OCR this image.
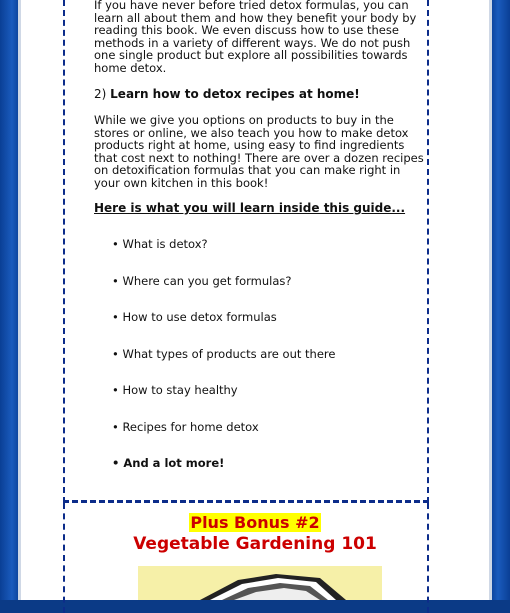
If you have never before tried detox formulas, you can learn all about them and how they benefit your body by reading this book. We even discuss how to use these methods in a variety of different ways. We do not push one single product but explore all possibilities towards home detox.
2) Learn how to detox recipes at home!
While we give you options on products to buy in the stores or online, we also teach you how to make detox products right at home, using easy to find ingredients that cost next to nothing! There are over a dozen recipes on detoxification formulas that you can make right in your own kitchen in this book!
Here is what you will learn inside this guide...
• What is detox?
• Where can you get formulas?
• How to use detox formulas
• What types of products are out there
• How to stay healthy
• Recipes for home detox
• And a lot more!
Plus Bonus #2
Vegetable Gardening 101
